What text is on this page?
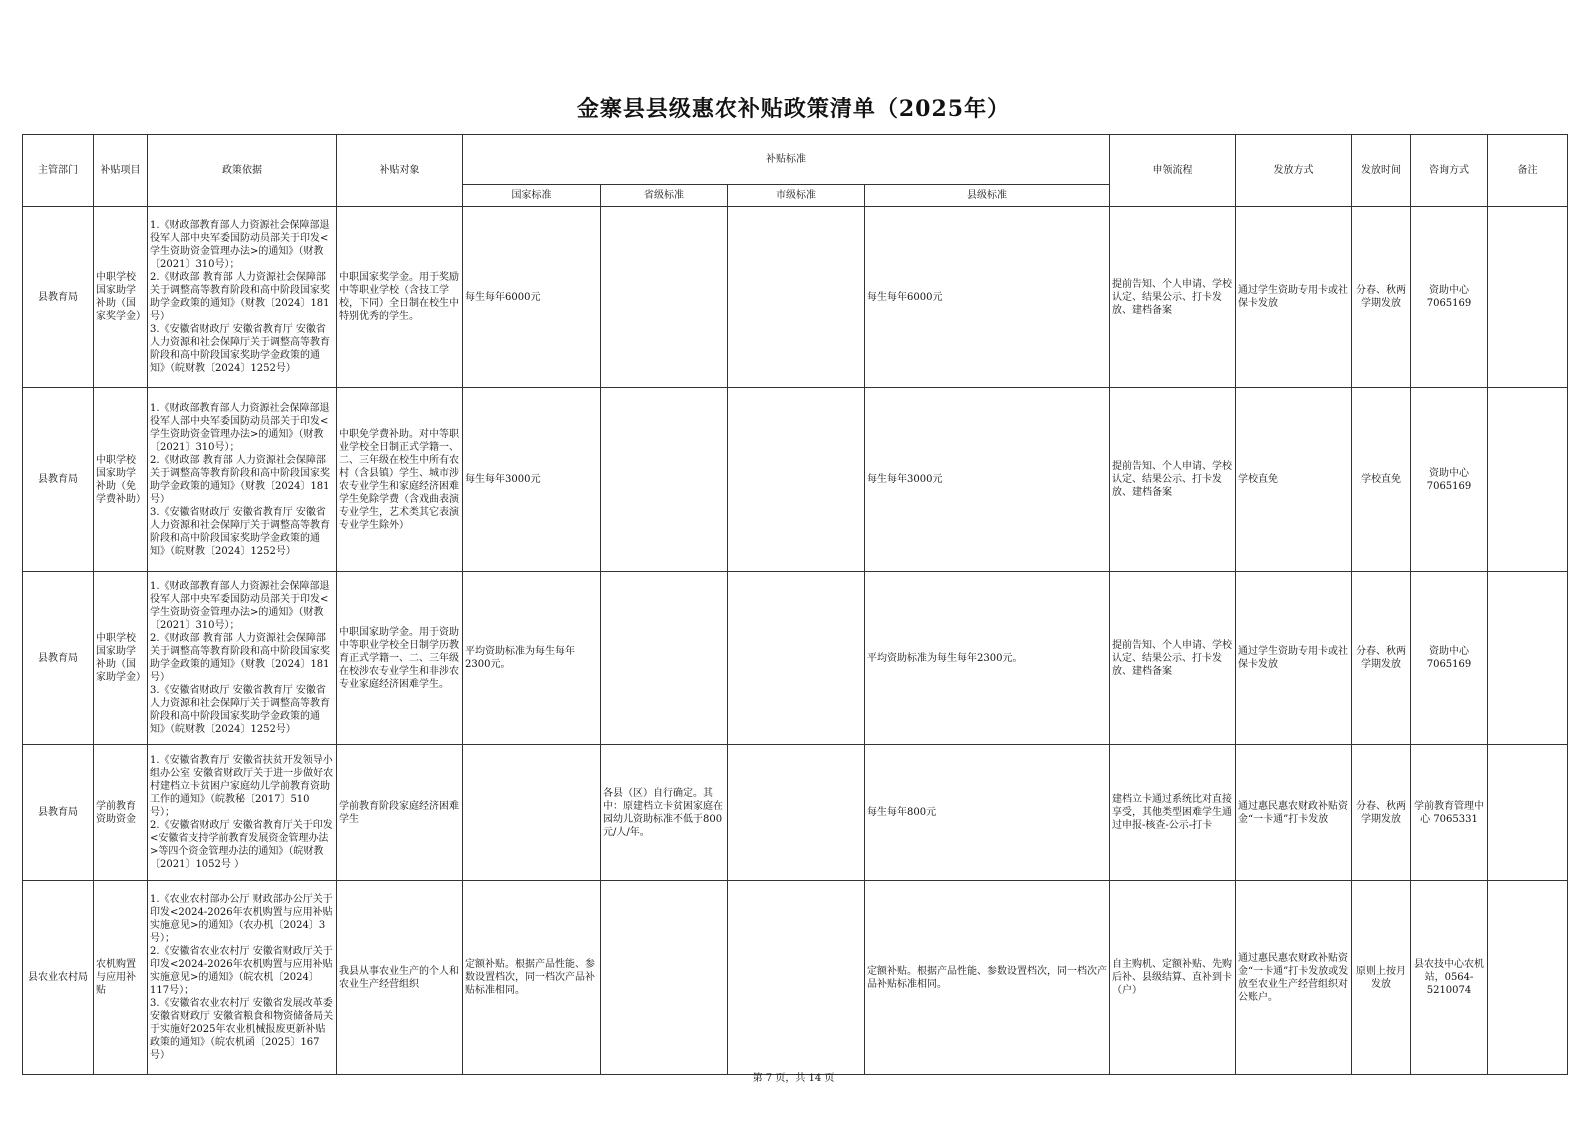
金寨县县级惠农补贴政策清单（2025年）
主管部门	补贴项目	政策依据	补贴对象	补贴标准				申领流程	发放方式	发放时间	咨询方式	备注
				国家标准	省级标准	市级标准	县级标准					
县教育局	中职学校国家助学补助（国家奖学金）	1.《财政部教育部人力资源社会保障部退役军人部中央军委国防动员部关于印发<学生资助资金管理办法>的通知》（财教〔2021〕310号）；
2.《财政部 教育部 人力资源社会保障部关于调整高等教育阶段和高中阶段国家奖助学金政策的通知》（财教〔2024〕181号）
3.《安徽省财政厅 安徽省教育厅 安徽省人力资源和社会保障厅关于调整高等教育阶段和高中阶段国家奖助学金政策的通知》（皖财教〔2024〕1252号）	中职国家奖学金。用于奖励中等职业学校（含技工学校，下同）全日制在校生中特别优秀的学生。	每生每年6000元			每生每年6000元	提前告知、个人申请、学校认定、结果公示、打卡发放、建档备案	通过学生资助专用卡或社保卡发放	分春、秋两学期发放	资助中心7065169	
县教育局	中职学校国家助学补助（免学费补助）	1.《财政部教育部人力资源社会保障部退役军人部中央军委国防动员部关于印发<学生资助资金管理办法>的通知》（财教〔2021〕310号）；
2.《财政部 教育部 人力资源社会保障部关于调整高等教育阶段和高中阶段国家奖助学金政策的通知》（财教〔2024〕181号）
3.《安徽省财政厅 安徽省教育厅 安徽省人力资源和社会保障厅关于调整高等教育阶段和高中阶段国家奖助学金政策的通知》（皖财教〔2024〕1252号）	中职免学费补助。对中等职业学校全日制正式学籍一、二、三年级在校生中所有农村（含县镇）学生、城市涉农专业学生和家庭经济困难学生免除学费（含戏曲表演专业学生，艺术类其它表演专业学生除外）	每生每年3000元			每生每年3000元	提前告知、个人申请、学校认定、结果公示、打卡发放、建档备案	学校直免	学校直免	资助中心7065169	
县教育局	中职学校国家助学补助（国家助学金）	1.《财政部教育部人力资源社会保障部退役军人部中央军委国防动员部关于印发<学生资助资金管理办法>的通知》（财教〔2021〕310号）；
2.《财政部 教育部 人力资源社会保障部关于调整高等教育阶段和高中阶段国家奖助学金政策的通知》（财教〔2024〕181号）
3.《安徽省财政厅 安徽省教育厅 安徽省人力资源和社会保障厅关于调整高等教育阶段和高中阶段国家奖助学金政策的通知》（皖财教〔2024〕1252号）	中职国家助学金。用于资助中等职业学校全日制学历教育正式学籍一、二、三年级在校涉农专业学生和非涉农专业家庭经济困难学生。	平均资助标准为每生每年2300元。			平均资助标准为每生每年2300元。	提前告知、个人申请、学校认定、结果公示、打卡发放、建档备案	通过学生资助专用卡或社保卡发放	分春、秋两学期发放	资助中心7065169	
县教育局	学前教育资助资金	1.《安徽省教育厅 安徽省扶贫开发领导小组办公室 安徽省财政厅关于进一步做好农村建档立卡贫困户家庭幼儿学前教育资助工作的通知》（皖教秘〔2017〕510号）；
2.《安徽省财政厅 安徽省教育厅关于印发<安徽省支持学前教育发展资金管理办法>等四个资金管理办法的通知》（皖财教〔2021〕1052号 ）	学前教育阶段家庭经济困难学生		各县（区）自行确定。其中：原建档立卡贫困家庭在园幼儿资助标准不低于800元/人/年。		每生每年800元	建档立卡通过系统比对直接享受，其他类型困难学生通过申报-核查-公示-打卡	通过惠民惠农财政补贴资金“一卡通”打卡发放	分春、秋两学期发放	学前教育管理中心 7065331	
县农业农村局	农机购置与应用补贴	1.《农业农村部办公厅 财政部办公厅关于印发<2024-2026年农机购置与应用补贴实施意见>的通知》（农办机〔2024〕3号）；
2.《安徽省农业农村厅 安徽省财政厅关于印发<2024-2026年农机购置与应用补贴实施意见>的通知》（皖农机〔2024〕117号）；
3.《安徽省农业农村厅 安徽省发展改革委 安徽省财政厅 安徽省粮食和物资储备局关于实施好2025年农业机械报废更新补贴政策的通知》（皖农机函〔2025〕167号）	我县从事农业生产的个人和农业生产经营组织	定额补贴。根据产品性能、参数设置档次，同一档次产品补贴标准相同。			定额补贴。根据产品性能、参数设置档次，同一档次产品补贴标准相同。	自主购机、定额补贴、先购后补、县级结算、直补到卡（户）	通过惠民惠农财政补贴资金“一卡通”打卡发放或发放至农业生产经营组织对公账户。	原则上按月发放	县农技中心农机站，0564-5210074	
第 7 页，共 14 页
